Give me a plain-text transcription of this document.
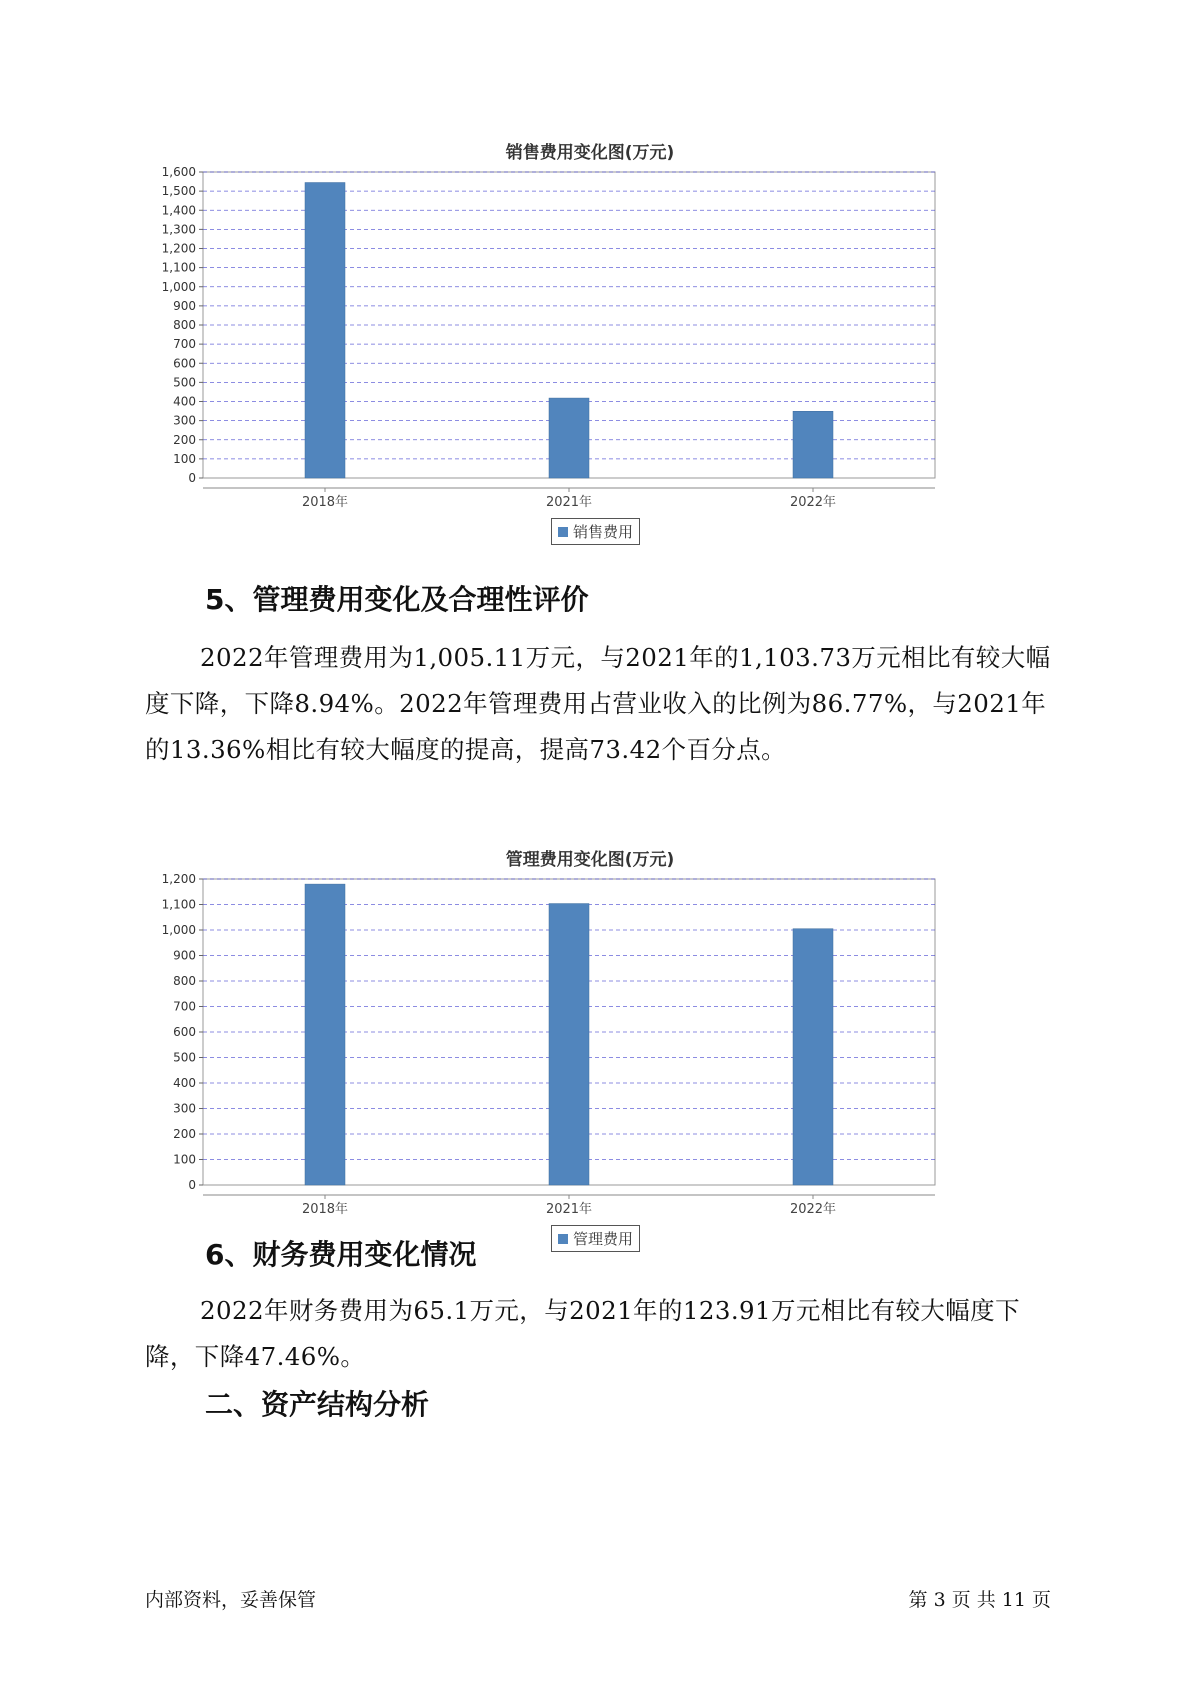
销售费用变化图(万元)
0
100
200
300
400
500
600
700
800
900
1,000
1,100
1,200
1,300
1,400
1,500
1,600
2018年	2021年	2022年
销售费用
5、管理费用变化及合理性评价
2022年管理费用为1,005.11万元，与2021年的1,103.73万元相比有较大幅度下降，下降8.94%。2022年管理费用占营业收入的比例为86.77%，与2021年的13.36%相比有较大幅度的提高，提高73.42个百分点。
管理费用变化图(万元)
0
100
200
300
400
500
600
700
800
900
1,000
1,100
1,200
2018年	2021年	2022年
管理费用
6、财务费用变化情况
2022年财务费用为65.1万元，与2021年的123.91万元相比有较大幅度下降，下降47.46%。
二、资产结构分析
内部资料，妥善保管	第 3 页 共 11 页
